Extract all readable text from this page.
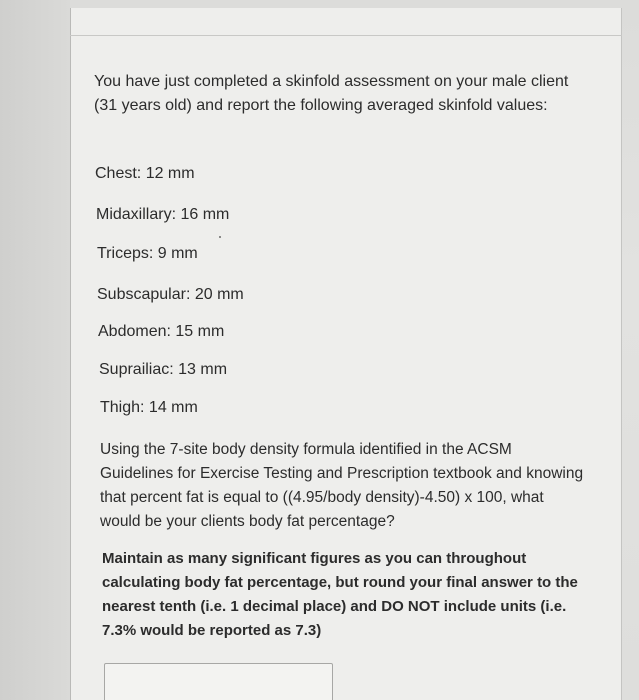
You have just completed a skinfold assessment on your male client (31 years old) and report the following averaged skinfold values:
Chest: 12 mm
Midaxillary: 16 mm
Triceps: 9 mm
Subscapular: 20 mm
Abdomen: 15 mm
Suprailiac: 13 mm
Thigh: 14 mm
Using the 7-site body density formula identified in the ACSM Guidelines for Exercise Testing and Prescription textbook and knowing that percent fat is equal to ((4.95/body density)-4.50) x 100, what would be your clients body fat percentage?
Maintain as many significant figures as you can throughout calculating body fat percentage, but round your final answer to the nearest tenth (i.e. 1 decimal place) and DO NOT include units (i.e. 7.3% would be reported as 7.3)
